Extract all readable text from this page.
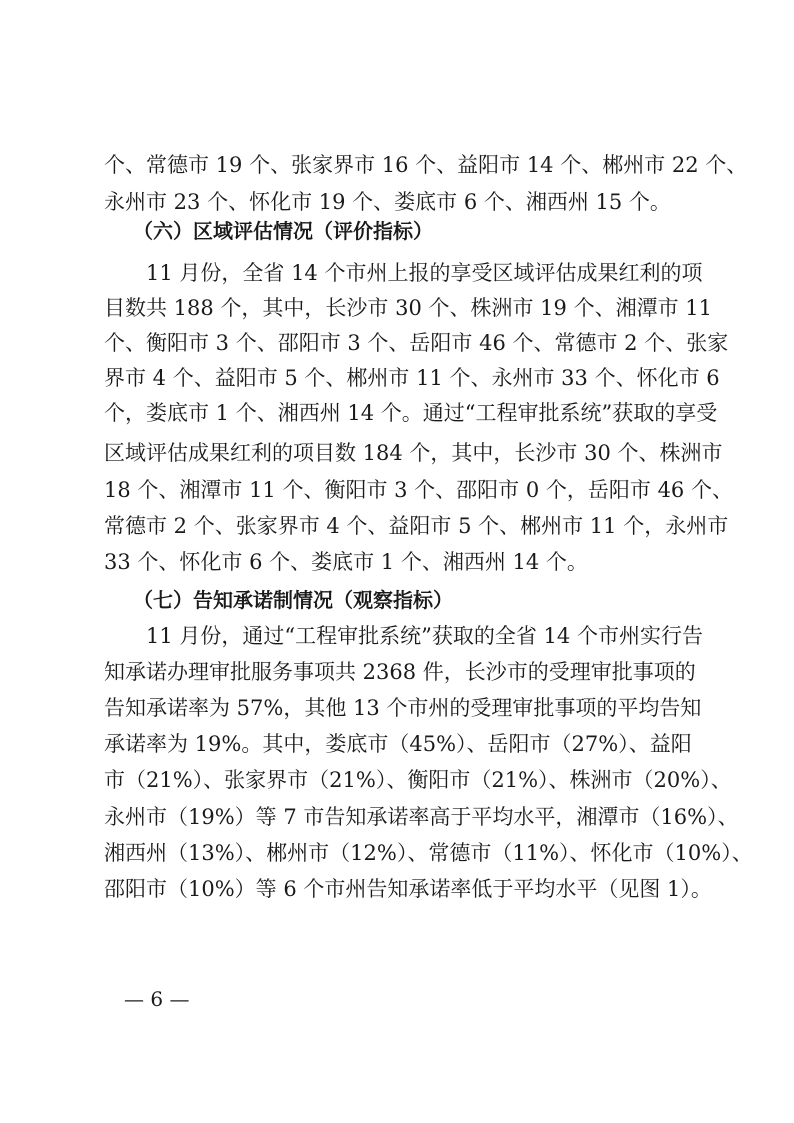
个、常德市 19 个、张家界市 16 个、益阳市 14 个、郴州市 22 个、
永州市 23 个、怀化市 19 个、娄底市 6 个、湘西州 15 个。
（六）区域评估情况（评价指标）
11 月份，全省 14 个市州上报的享受区域评估成果红利的项
目数共 188 个，其中，长沙市 30 个、株洲市 19 个、湘潭市 11
个、衡阳市 3 个、邵阳市 3 个、岳阳市 46 个、常德市 2 个、张家
界市 4 个、益阳市 5 个、郴州市 11 个、永州市 33 个、怀化市 6
个，娄底市 1 个、湘西州 14 个。通过“工程审批系统”获取的享受
区域评估成果红利的项目数 184 个，其中，长沙市 30 个、株洲市
18 个、湘潭市 11 个、衡阳市 3 个、邵阳市 0 个，岳阳市 46 个、
常德市 2 个、张家界市 4 个、益阳市 5 个、郴州市 11 个，永州市
33 个、怀化市 6 个、娄底市 1 个、湘西州 14 个。
（七）告知承诺制情况（观察指标）
11 月份，通过“工程审批系统”获取的全省 14 个市州实行告
知承诺办理审批服务事项共 2368 件，长沙市的受理审批事项的
告知承诺率为 57%，其他 13 个市州的受理审批事项的平均告知
承诺率为 19%。其中，娄底市（45%）、岳阳市（27%）、益阳
市（21%）、张家界市（21%）、衡阳市（21%）、株洲市（20%）、
永州市（19%）等 7 市告知承诺率高于平均水平，湘潭市（16%）、
湘西州（13%）、郴州市（12%）、常德市（11%）、怀化市（10%）、
邵阳市（10%）等 6 个市州告知承诺率低于平均水平（见图 1）。
— 6 —
